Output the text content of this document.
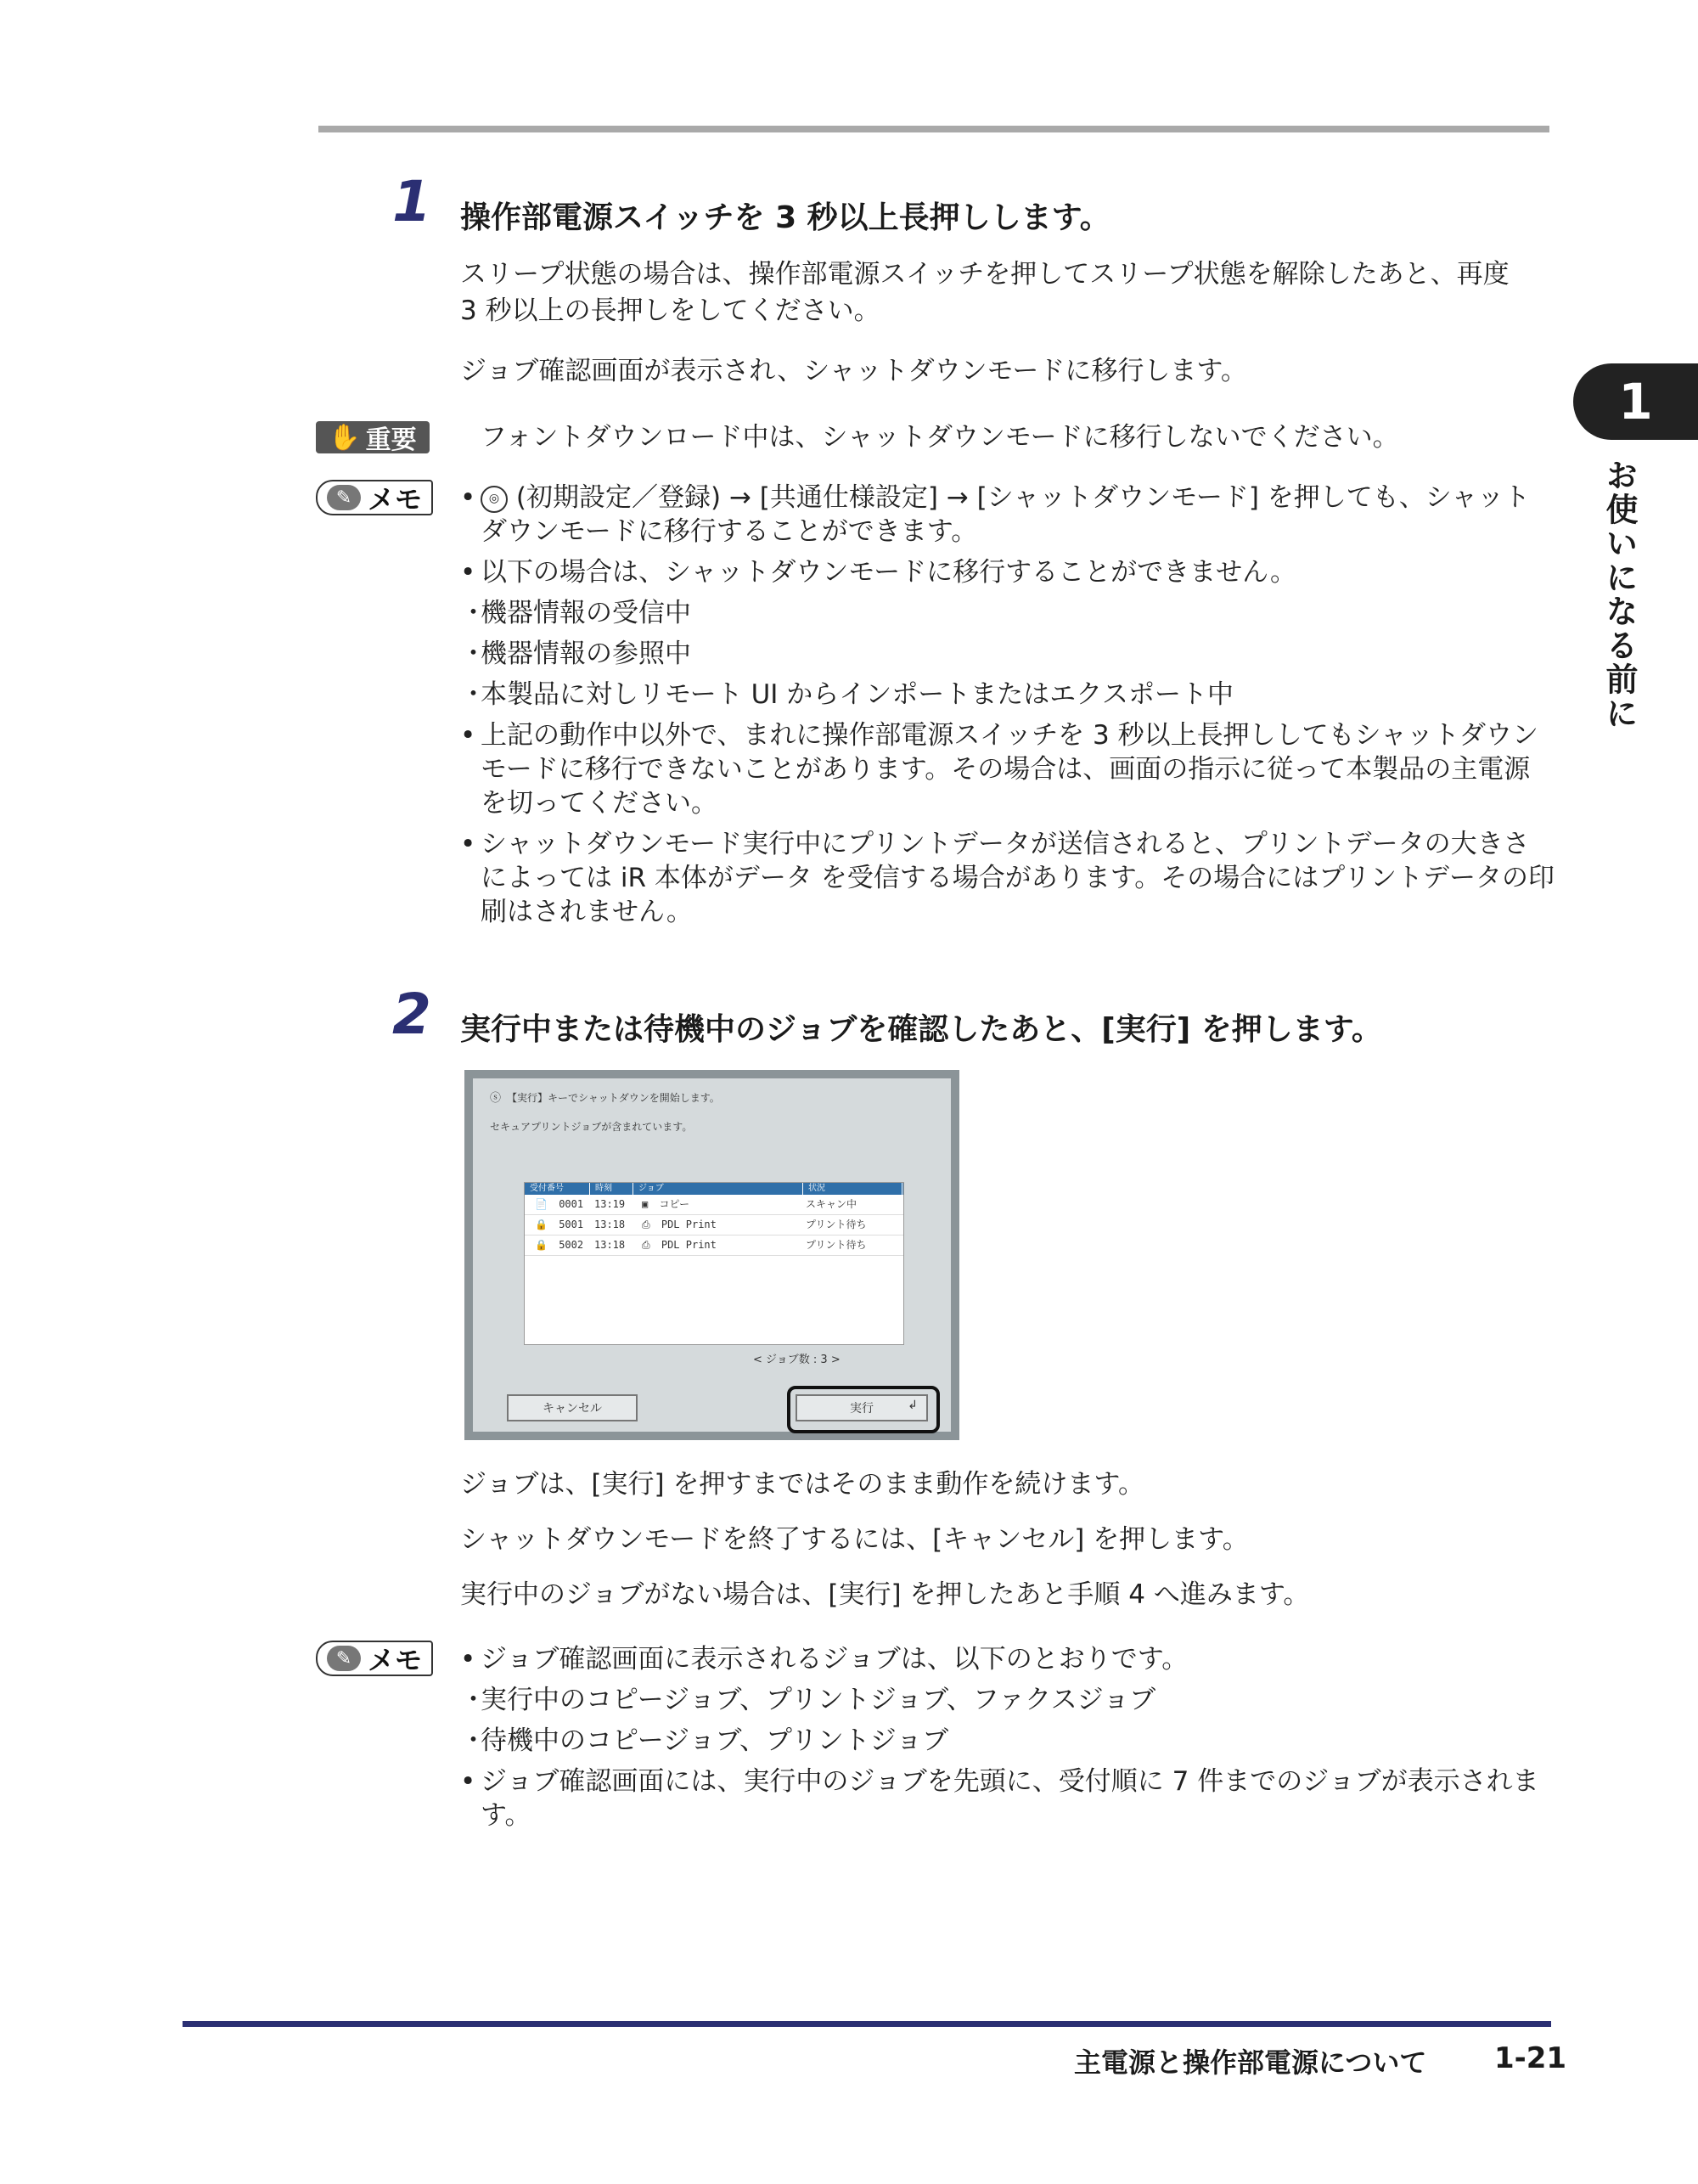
1 操作部電源スイッチを 3 秒以上長押しします。
スリープ状態の場合は、操作部電源スイッチを押してスリープ状態を解除したあと、再度
3 秒以上の長押しをしてください。
ジョブ確認画面が表示され、シャットダウンモードに移行します。
✋ 重要 フォントダウンロード中は、シャットダウンモードに移行しないでください。
✎ メモ	• ◎ (初期設定／登録) → [共通仕様設定] → [シャットダウンモード] を押しても、シャットダウンモードに移行することができます。
• 以下の場合は、シャットダウンモードに移行することができません。
・ 機器情報の受信中
・ 機器情報の参照中
・ 本製品に対しリモート UI からインポートまたはエクスポート中
• 上記の動作中以外で、まれに操作部電源スイッチを 3 秒以上長押ししてもシャットダウンモードに移行できないことがあります。その場合は、画面の指示に従って本製品の主電源を切ってください。
• シャットダウンモード実行中にプリントデータが送信されると、プリントデータの大きさによっては iR 本体がデータ を受信する場合があります。その場合にはプリントデータの印刷はされません。
2 実行中または待機中のジョブを確認したあと、[実行] を押します。
ⓢ 【実行】キーでシャットダウンを開始します。
セキュアプリントジョブが含まれています。
受付番号	時刻	ジョブ	状況
📄 0001	13:19	▣ コピー	スキャン中
🔒 5001	13:18	⎙ PDL Print	プリント待ち
🔒 5002	13:18	⎙ PDL Print	プリント待ち
< ジョブ数 : 3 >
キャンセル	実行	↲
ジョブは、[実行] を押すまではそのまま動作を続けます。
シャットダウンモードを終了するには、[キャンセル] を押します。
実行中のジョブがない場合は、[実行] を押したあと手順 4 へ進みます。
✎ メモ	• ジョブ確認画面に表示されるジョブは、以下のとおりです。
・ 実行中のコピージョブ、プリントジョブ、ファクスジョブ
・ 待機中のコピージョブ、プリントジョブ
• ジョブ確認画面には、実行中のジョブを先頭に、受付順に 7 件までのジョブが表示されます。
1
お使いになる前に
主電源と操作部電源について 1-21
